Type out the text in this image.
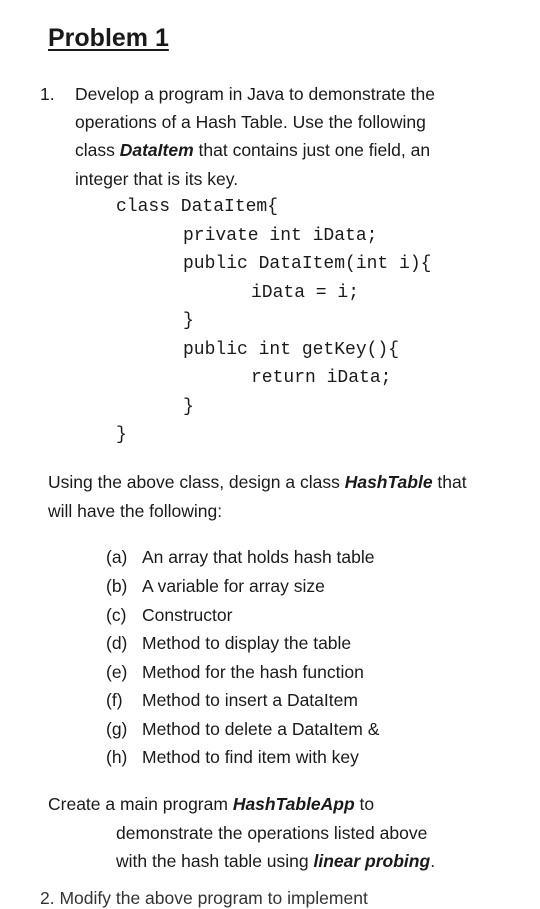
Problem 1
1. Develop a program in Java to demonstrate the
operations of a Hash Table. Use the following
class DataItem that contains just one field, an
integer that is its key.
class DataItem{
private int iData;
public DataItem(int i){
iData = i;
}
public int getKey(){
return iData;
}
}
Using the above class, design a class HashTable that
will have the following:
(a) An array that holds hash table
(b) A variable for array size
(c) Constructor
(d) Method to display the table
(e) Method for the hash function
(f) Method to insert a DataItem
(g) Method to delete a DataItem &
(h) Method to find item with key
Create a main program HashTableApp to
demonstrate the operations listed above
with the hash table using linear probing.
2. Modify the above program to implement
